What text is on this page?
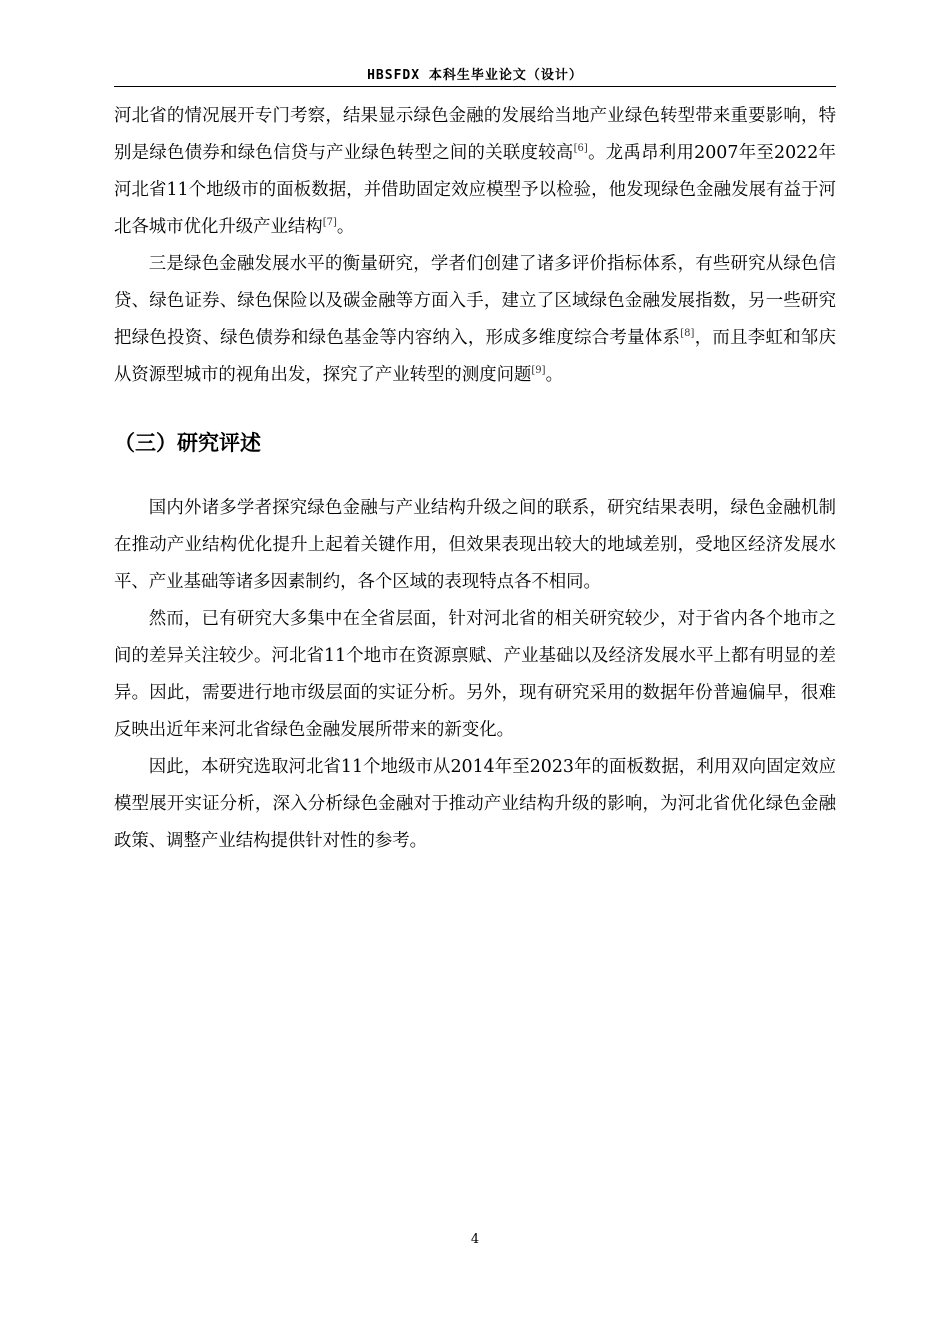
HBSFDX 本科生毕业论文（设计）

河北省的情况展开专门考察，结果显示绿色金融的发展给当地产业绿色转型带来重要影响，特别是绿色债券和绿色信贷与产业绿色转型之间的关联度较高[6]。龙禹昂利用2007年至2022年河北省11个地级市的面板数据，并借助固定效应模型予以检验，他发现绿色金融发展有益于河北各城市优化升级产业结构[7]。

三是绿色金融发展水平的衡量研究，学者们创建了诸多评价指标体系，有些研究从绿色信贷、绿色证券、绿色保险以及碳金融等方面入手，建立了区域绿色金融发展指数，另一些研究把绿色投资、绿色债券和绿色基金等内容纳入，形成多维度综合考量体系[8]，而且李虹和邹庆从资源型城市的视角出发，探究了产业转型的测度问题[9]。

（三）研究评述

国内外诸多学者探究绿色金融与产业结构升级之间的联系，研究结果表明，绿色金融机制在推动产业结构优化提升上起着关键作用，但效果表现出较大的地域差别，受地区经济发展水平、产业基础等诸多因素制约，各个区域的表现特点各不相同。

然而，已有研究大多集中在全省层面，针对河北省的相关研究较少，对于省内各个地市之间的差异关注较少。河北省11个地市在资源禀赋、产业基础以及经济发展水平上都有明显的差异。因此，需要进行地市级层面的实证分析。另外，现有研究采用的数据年份普遍偏早，很难反映出近年来河北省绿色金融发展所带来的新变化。

因此，本研究选取河北省11个地级市从2014年至2023年的面板数据，利用双向固定效应模型展开实证分析，深入分析绿色金融对于推动产业结构升级的影响，为河北省优化绿色金融政策、调整产业结构提供针对性的参考。

4
